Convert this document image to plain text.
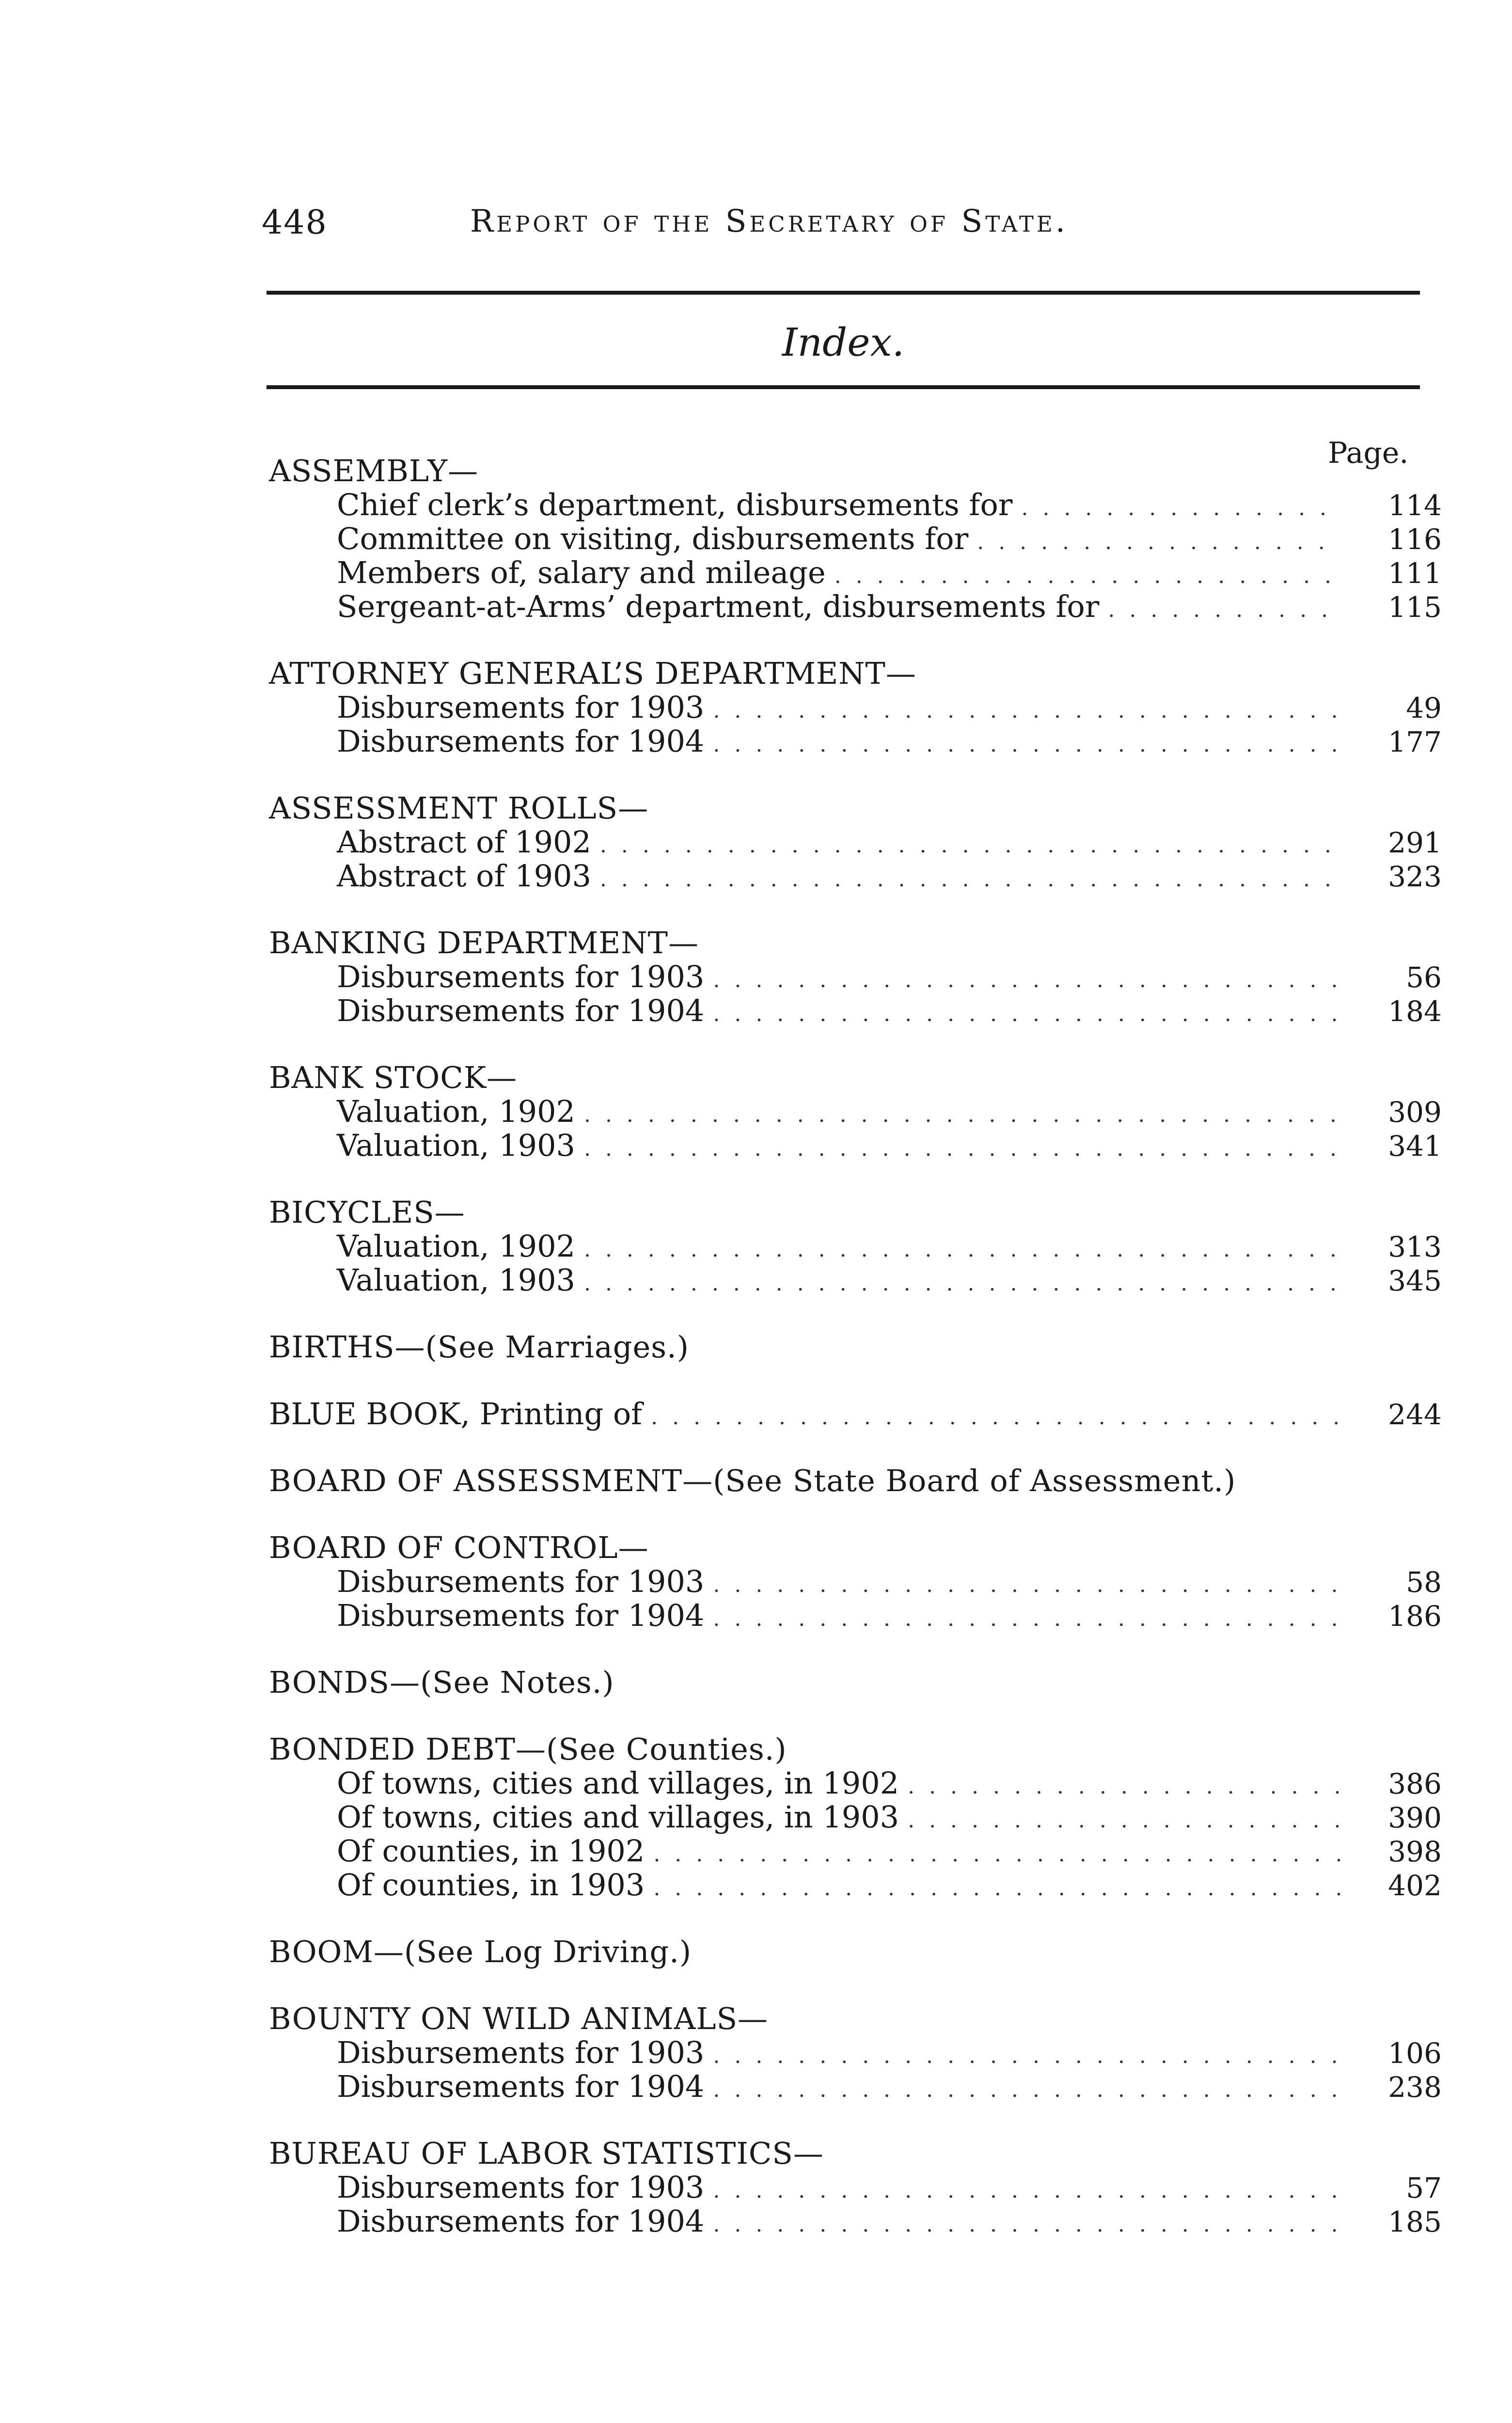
448	Report of the Secretary of State.
Index.
Page.
ASSEMBLY—
Chief clerk’s department, disbursements for . . .	114
Committee on visiting, disbursements for . . .	116
Members of, salary and mileage . . .	111
Sergeant-at-Arms’ department, disbursements for . . .	115
ATTORNEY GENERAL’S DEPARTMENT—
Disbursements for 1903 . . .	49
Disbursements for 1904 . . .	177
ASSESSMENT ROLLS—
Abstract of 1902 . . .	291
Abstract of 1903 . . .	323
BANKING DEPARTMENT—
Disbursements for 1903 . . .	56
Disbursements for 1904 . . .	184
BANK STOCK—
Valuation, 1902 . . .	309
Valuation, 1903 . . .	341
BICYCLES—
Valuation, 1902 . . .	313
Valuation, 1903 . . .	345
BIRTHS—(See Marriages.)
BLUE BOOK, Printing of . . .	244
BOARD OF ASSESSMENT—(See State Board of Assessment.)
BOARD OF CONTROL—
Disbursements for 1903 . . .	58
Disbursements for 1904 . . .	186
BONDS—(See Notes.)
BONDED DEBT—(See Counties.)
Of towns, cities and villages, in 1902 . . .	386
Of towns, cities and villages, in 1903 . . .	390
Of counties, in 1902 . . .	398
Of counties, in 1903 . . .	402
BOOM—(See Log Driving.)
BOUNTY ON WILD ANIMALS—
Disbursements for 1903 . . .	106
Disbursements for 1904 . . .	238
BUREAU OF LABOR STATISTICS—
Disbursements for 1903 . . .	57
Disbursements for 1904 . . .	185
